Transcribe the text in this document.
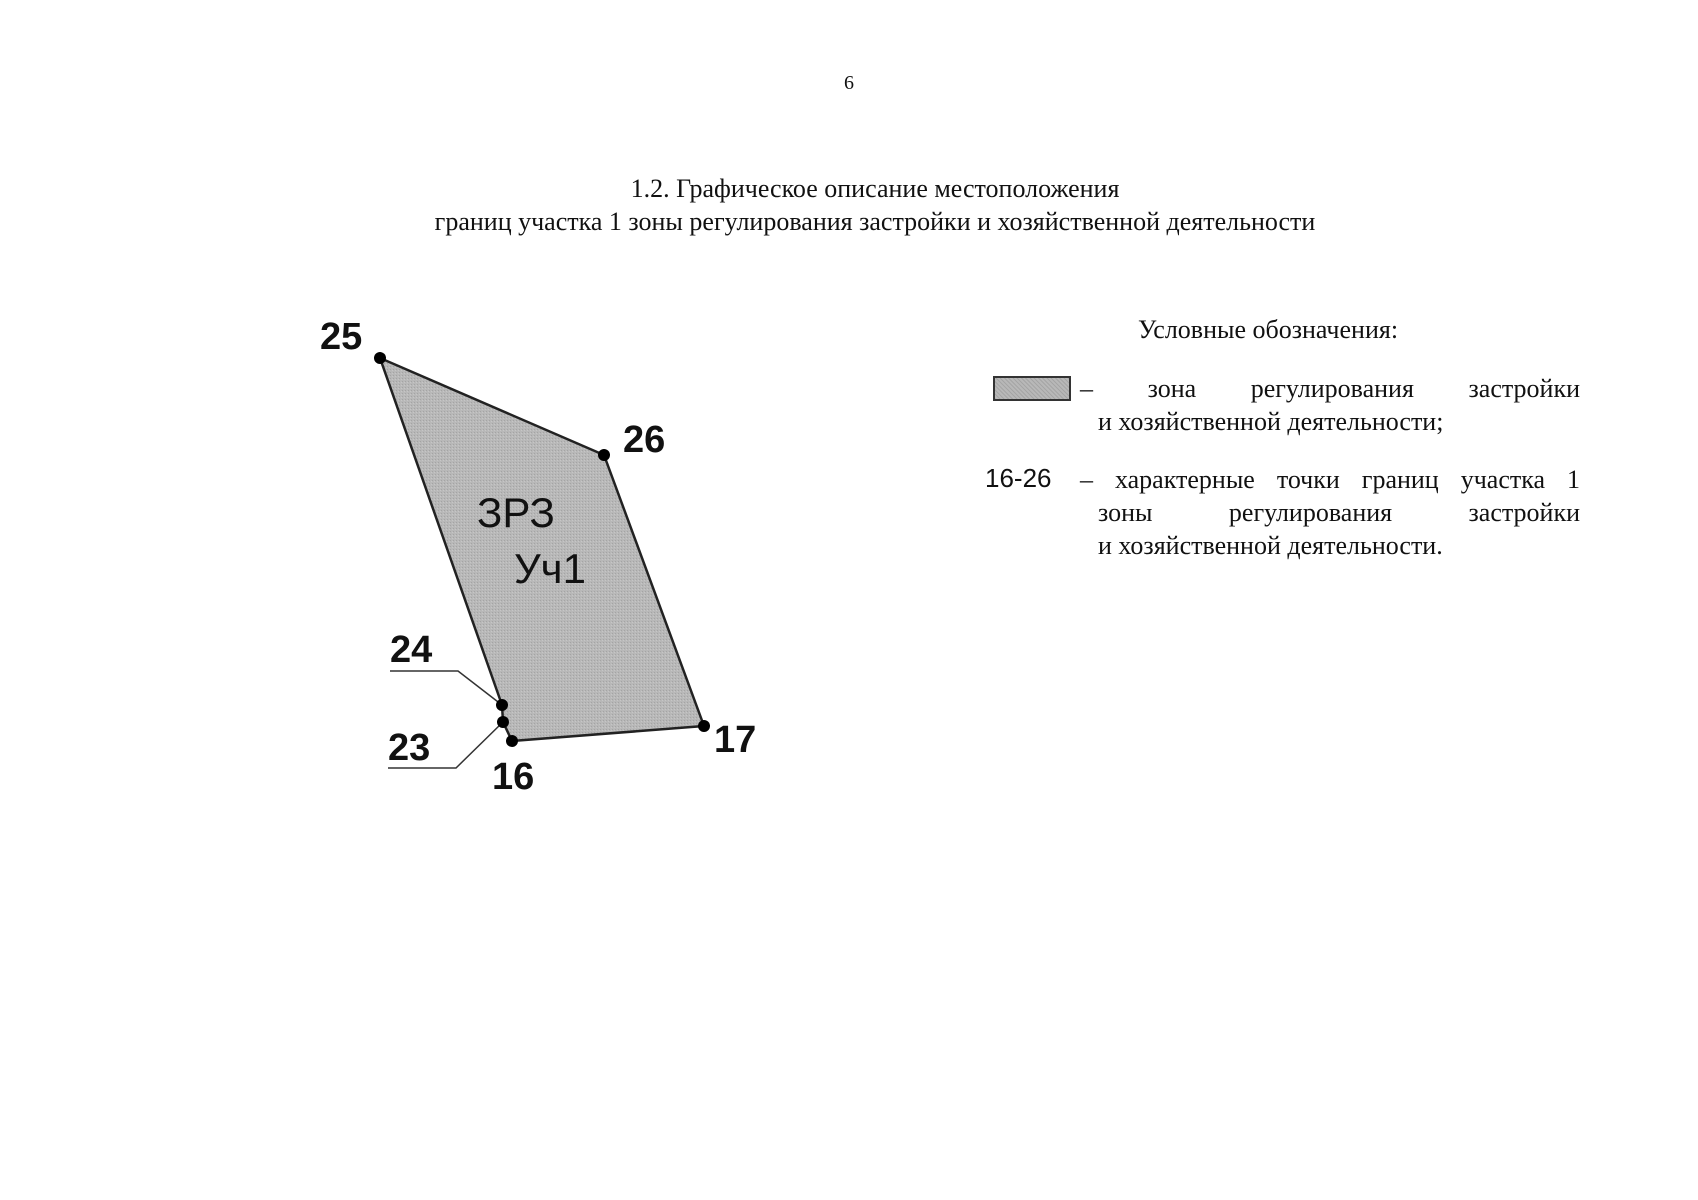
6
1.2. Графическое описание местоположения
границ участка 1 зоны регулирования застройки и хозяйственной деятельности
ЗРЗ
Уч1
25
26
24
23
16
17
Условные обозначения:
– зона регулирования застройки
и хозяйственной деятельности;
16-26 – характерные точки границ участка 1
зоны регулирования застройки
и хозяйственной деятельности.
